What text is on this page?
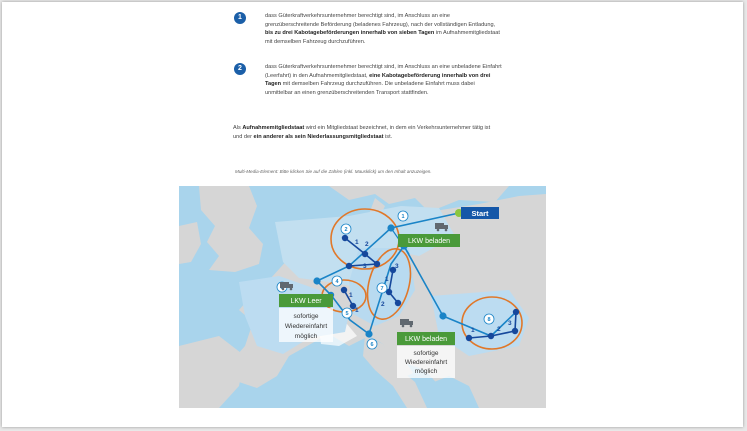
1	dass Güterkraftverkehrsunternehmer berechtigt sind, im Anschluss an eine grenzüberschreitende Beförderung (beladenes Fahrzeug), nach der vollständigen Entladung, bis zu drei Kabotagebeförderungen innerhalb von sieben Tagen im Aufnahmemitgliedstaat mit demselben Fahrzeug durchzuführen.
2	dass Güterkraftverkehrsunternehmer berechtigt sind, im Anschluss an eine unbeladene Einfahrt (Leerfahrt) in den Aufnahmemitgliedstaat, eine Kabotagebeförderung innerhalb von drei Tagen mit demselben Fahrzeug durchzuführen. Die unbeladene Einfahrt muss dabei unmittelbar an einen grenzüberschreitenden Transport stattfinden.
Als Aufnahmemitgliedstaat wird ein Mitgliedstaat bezeichnet, in dem ein Verkehrsunternehmer tätig ist und der ein anderer als sein Niederlassungsmitgliedstaat ist.
Multi-Media-Element: Bitte klicken Sie auf die Zahlen (inkl. Mausklick) um den Inhalt anzuzeigen.
1 2
3
1
2
3
1	2
3
1
1
1
2
4
5
6
7
8
Start
LKW beladen
LKW Leer
sofortige
Wiedereinfahrt
möglich	LKW beladen
sofortige
Wiedereinfahrt
möglich
